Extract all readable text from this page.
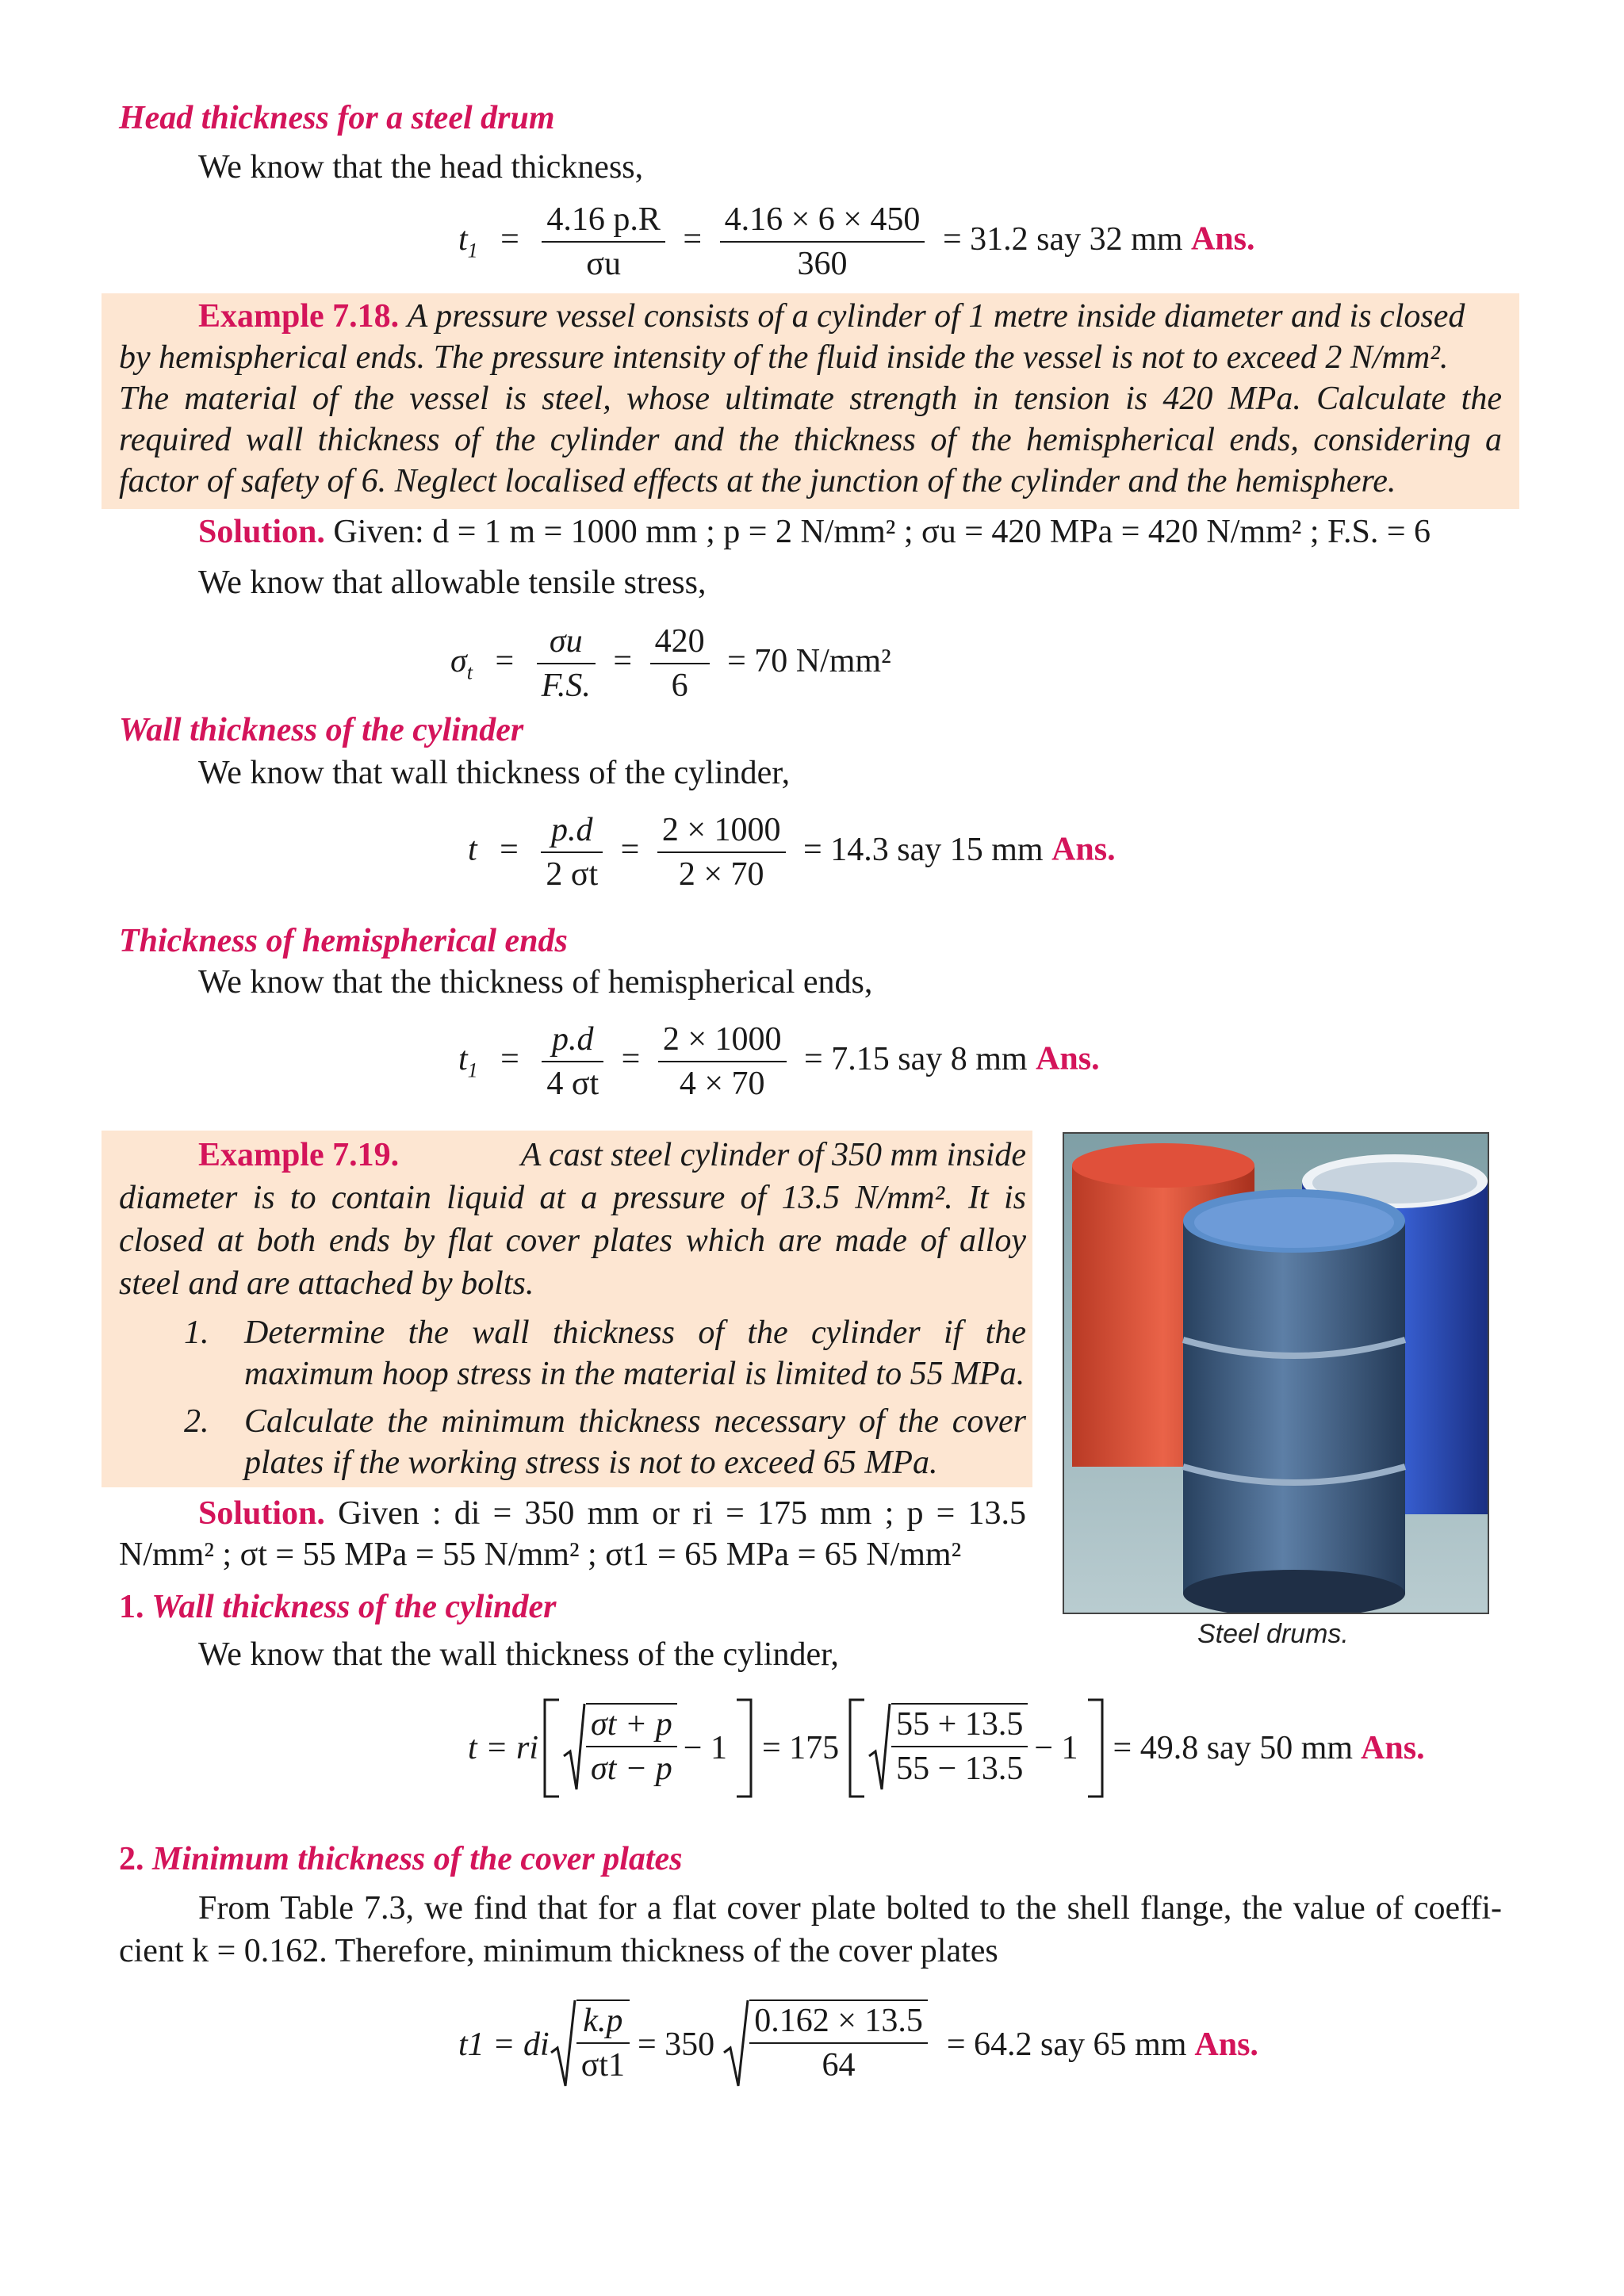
Head thickness for a steel drum
We know that the head thickness,
$t_1 = \frac{4.16 p.R}{\sigma u} = \frac{4.16 \times 6 \times 450}{360} = 31.2$ say 32 mm Ans.
Example 7.18. A pressure vessel consists of a cylinder of 1 metre inside diameter and is closed
by hemispherical ends. The pressure intensity of the fluid inside the vessel is not to exceed 2 N/mm².
The material of the vessel is steel, whose ultimate strength in tension is 420 MPa. Calculate the
required wall thickness of the cylinder and the thickness of the hemispherical ends, considering a
factor of safety of 6. Neglect localised effects at the junction of the cylinder and the hemisphere.
Solution. Given: d = 1 m = 1000 mm ; p = 2 N/mm² ; σu = 420 MPa = 420 N/mm² ; F.S. = 6
We know that allowable tensile stress,
$\sigma_t = \frac{\sigma u}{F.S.} = \frac{420}{6} = 70$ N/mm²
Wall thickness of the cylinder
We know that wall thickness of the cylinder,
$t = \frac{p.d}{2 \sigma t} = \frac{2 \times 1000}{2 \times 70} = 14.3$ say 15 mm Ans.
Thickness of hemispherical ends
We know that the thickness of hemispherical ends,
$t_1 = \frac{p.d}{4 \sigma t} = \frac{2 \times 1000}{4 \times 70} = 7.15$ say 8 mm Ans.
Example 7.19.	A cast steel cylinder of 350 mm inside
diameter is to contain liquid at a pressure of 13.5 N/mm². It is
closed at both ends by flat cover plates which are made of alloy
steel and are attached by bolts.
1. Determine the wall thickness of the cylinder if the
maximum hoop stress in the material is limited to 55 MPa.
2. Calculate the minimum thickness necessary of the cover
plates if the working stress is not to exceed 65 MPa.
Solution. Given : di = 350 mm or ri = 175 mm ; p = 13.5
N/mm² ; σt = 55 MPa = 55 N/mm² ; σt1 = 65 MPa = 65 N/mm²
1. Wall thickness of the cylinder
We know that the wall thickness of the cylinder,
Steel drums.
t = ri $\frac{\sigma t + p}{\sigma t - p} - 1 = 175 \frac{55 + 13.5}{55 - 13.5} - 1 = 49.8$ say 50 mm Ans.
2. Minimum thickness of the cover plates
From Table 7.3, we find that for a flat cover plate bolted to the shell flange, the value of coeffi-
cient k = 0.162. Therefore, minimum thickness of the cover plates
t1 = di $\frac{k.p}{\sigma t1} = 350 \frac{0.162 \times 13.5}{64} = 64.2$ say 65 mm Ans.
